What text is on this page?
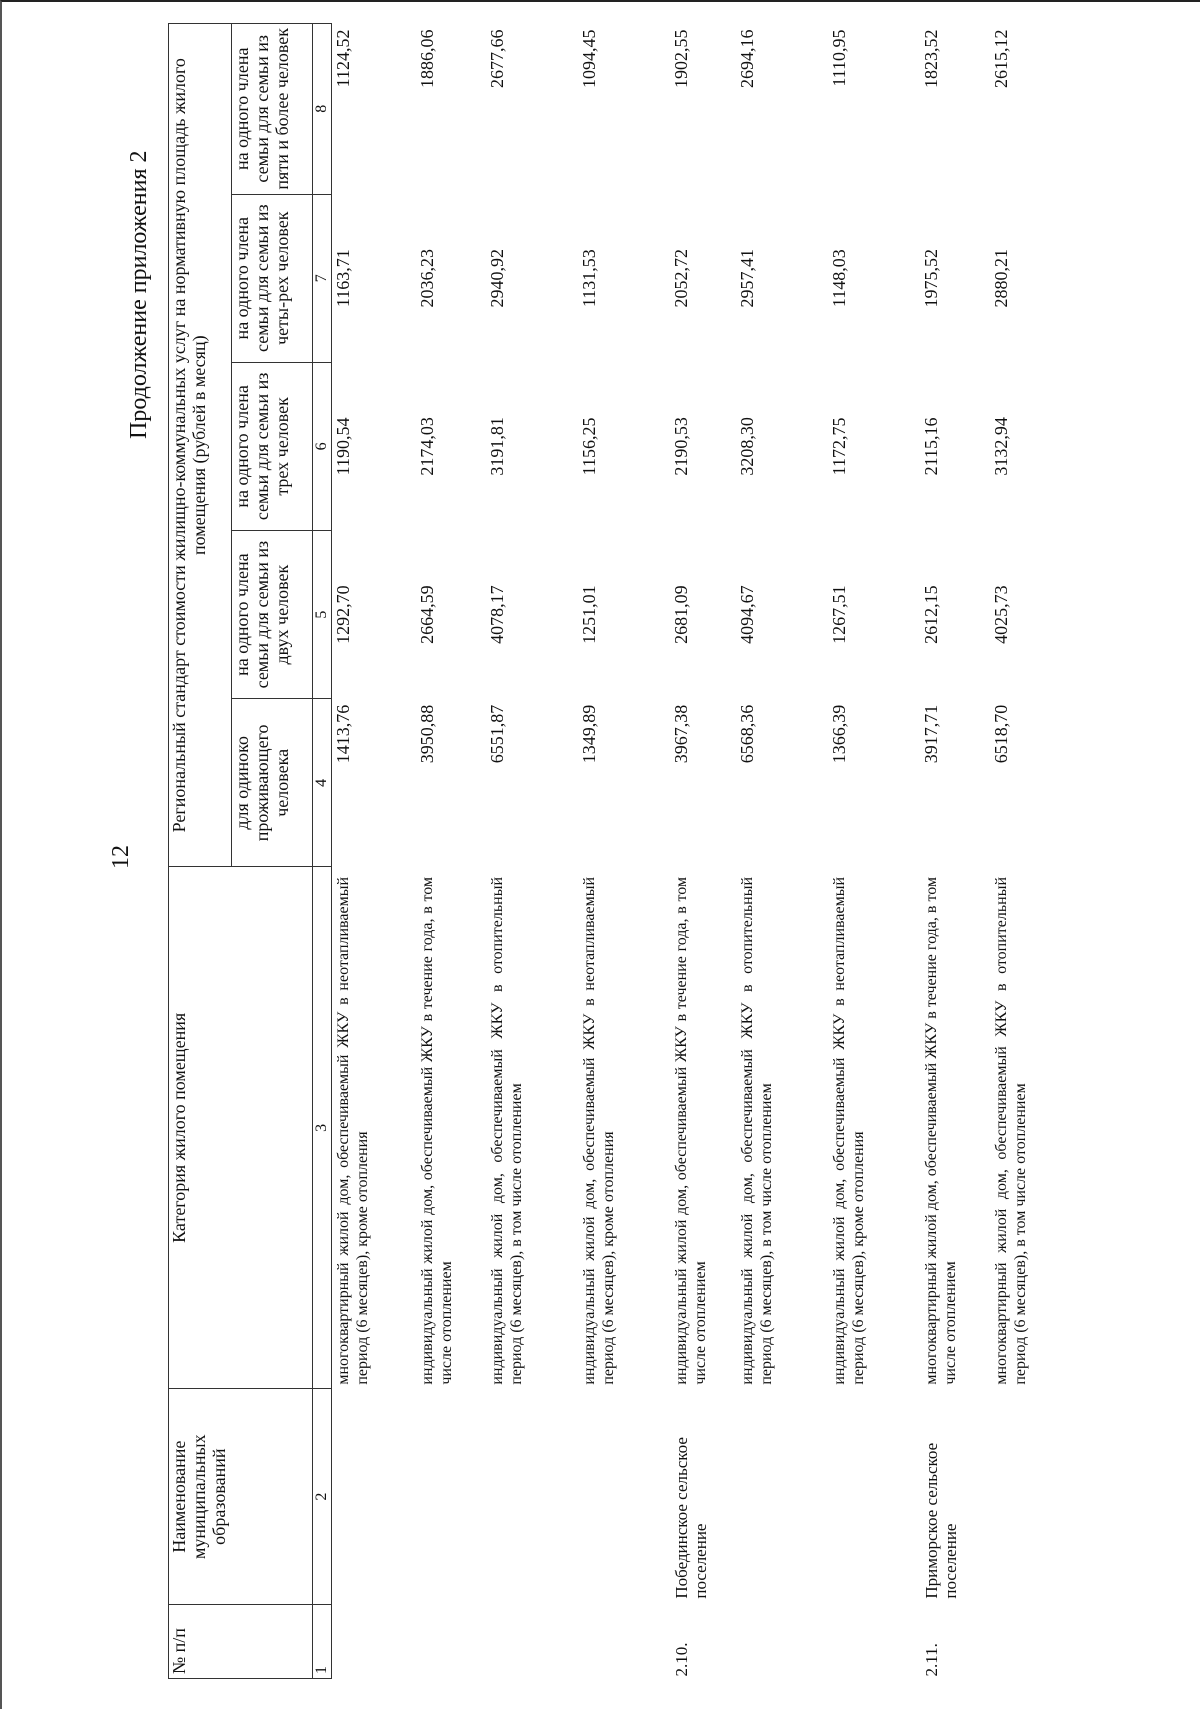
12
Продолжение приложения 2
№ п/п	Наименование муниципальных образований	Категория жилого помещения	Региональный стандарт стоимости жилищно-коммунальных услуг на нормативную площадь жилого помещения (рублей в месяц)				
			для одиноко проживающего человека	на одного члена семьи для семьи из двух человек	на одного члена семьи для семьи из трех человек	на одного члена семьи для семьи из четы-рех человек	на одного члена семьи для семьи из пяти и более человек
1	2	3	4	5	6	7	8
		многоквартирный жилой дом, обеспечиваемый ЖКУ в неотапливаемый период (6 месяцев), кроме отопления	1413,76	1292,70	1190,54	1163,71	1124,52
		индивидуальный жилой дом, обеспечиваемый ЖКУ в течение года, в том числе отоплением	3950,88	2664,59	2174,03	2036,23	1886,06
		индивидуальный жилой дом, обеспечиваемый ЖКУ в отопительный период (6 месяцев), в том числе отоплением	6551,87	4078,17	3191,81	2940,92	2677,66
		индивидуальный жилой дом, обеспечиваемый ЖКУ в неотапливаемый период (6 месяцев), кроме отопления	1349,89	1251,01	1156,25	1131,53	1094,45
2.10.	Побединское сельское поселение	индивидуальный жилой дом, обеспечиваемый ЖКУ в течение года, в том числе отоплением	3967,38	2681,09	2190,53	2052,72	1902,55
		индивидуальный жилой дом, обеспечиваемый ЖКУ в отопительный период (6 месяцев), в том числе отоплением	6568,36	4094,67	3208,30	2957,41	2694,16
		индивидуальный жилой дом, обеспечиваемый ЖКУ в неотапливаемый период (6 месяцев), кроме отопления	1366,39	1267,51	1172,75	1148,03	1110,95
2.11.	Приморское сельское поселение	многоквартирный жилой дом, обеспечиваемый ЖКУ в течение года, в том числе отоплением	3917,71	2612,15	2115,16	1975,52	1823,52
		многоквартирный жилой дом, обеспечиваемый ЖКУ в отопительный период (6 месяцев), в том числе отоплением	6518,70	4025,73	3132,94	2880,21	2615,12
